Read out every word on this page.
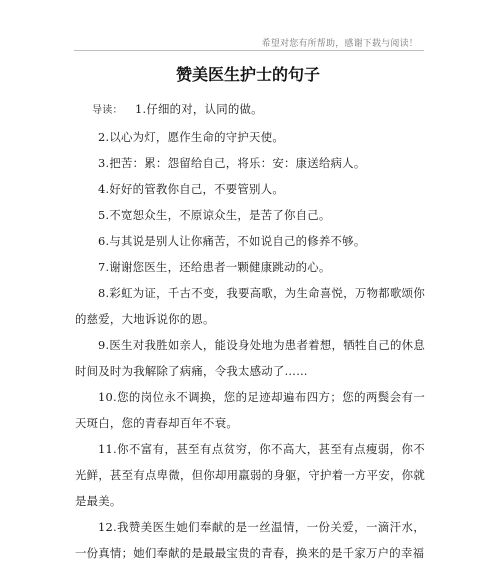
希望对您有所帮助，感谢下载与阅读！
赞美医生护士的句子

导读： 1.仔细的对，认同的做。

2.以心为灯，愿作生命的守护天使。

3.把苦：累：怨留给自己，将乐：安：康送给病人。

4.好好的管教你自己，不要管别人。

5.不宽恕众生，不原谅众生，是苦了你自己。

6.与其说是别人让你痛苦，不如说自己的修养不够。

7.谢谢您医生，还给患者一颗健康跳动的心。

8.彩虹为证，千古不变，我要高歌，为生命喜悦，万物都歌颂你的慈爱，大地诉说你的恩。

9.医生对我胜如亲人，能设身处地为患者着想，牺牲自己的休息时间及时为我解除了病痛，令我太感动了……

10.您的岗位永不调换，您的足迹却遍布四方；您的两鬓会有一天斑白，您的青春却百年不衰。

11.你不富有，甚至有点贫穷，你不高大，甚至有点瘦弱，你不光鲜，甚至有点卑微，但你却用羸弱的身躯，守护着一方平安，你就是最美。

12.我赞美医生她们奉献的是一丝温情，一份关爱，一滴汗水，一份真情；她们奉献的是最最宝贵的青春，换来的是千家万户的幸福
